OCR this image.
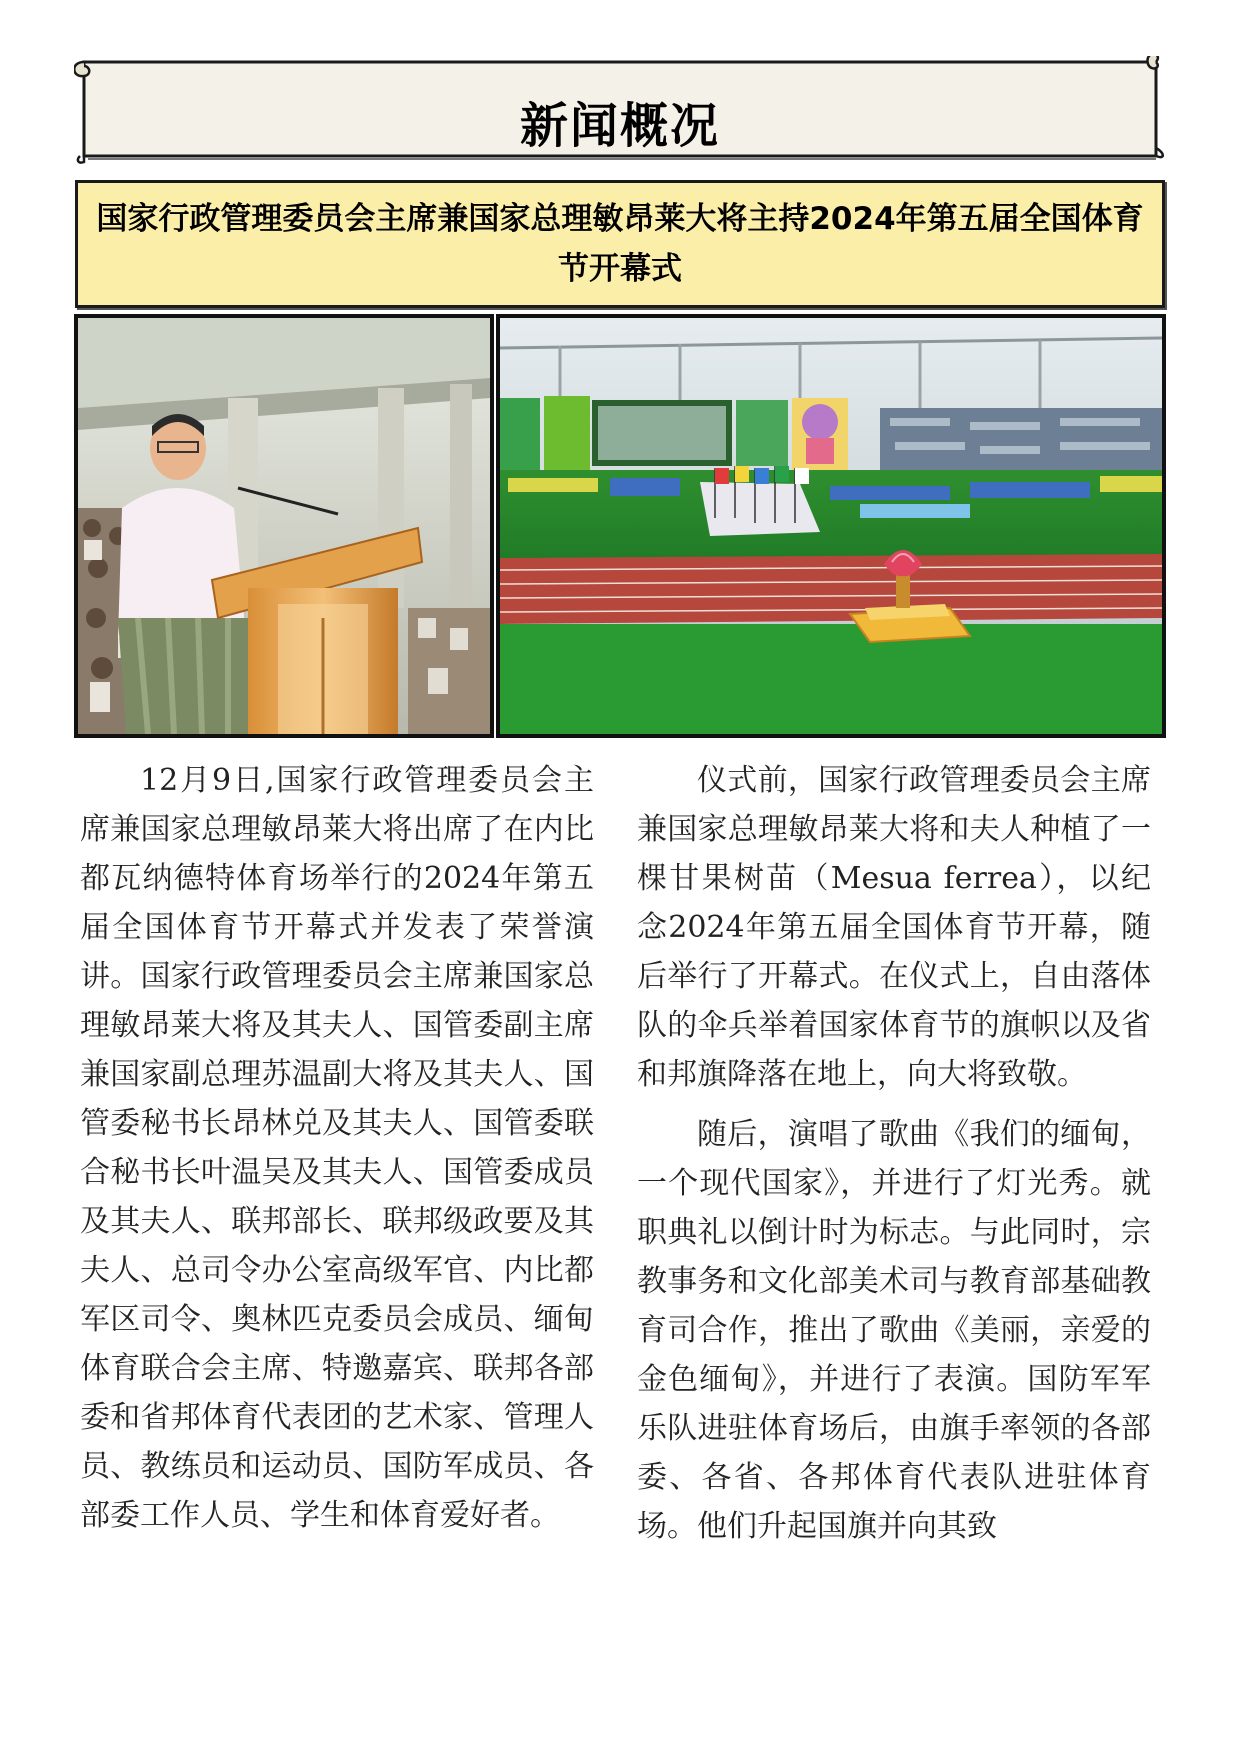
新闻概况
国家行政管理委员会主席兼国家总理敏昂莱大将主持2024年第五届全国体育节开幕式

12月9日,国家行政管理委员会主席兼国家总理敏昂莱大将出席了在内比都瓦纳德特体育场举行的2024年第五届全国体育节开幕式并发表了荣誉演讲。国家行政管理委员会主席兼国家总理敏昂莱大将及其夫人、国管委副主席兼国家副总理苏温副大将及其夫人、国管委秘书长昂林兑及其夫人、国管委联合秘书长叶温吴及其夫人、国管委成员及其夫人、联邦部长、联邦级政要及其夫人、总司令办公室高级军官、内比都军区司令、奥林匹克委员会成员、缅甸体育联合会主席、特邀嘉宾、联邦各部委和省邦体育代表团的艺术家、管理人员、教练员和运动员、国防军成员、各部委工作人员、学生和体育爱好者。

仪式前，国家行政管理委员会主席兼国家总理敏昂莱大将和夫人种植了一棵甘果树苗（Mesua ferrea），以纪念2024年第五届全国体育节开幕，随后举行了开幕式。在仪式上，自由落体队的伞兵举着国家体育节的旗帜以及省和邦旗降落在地上，向大将致敬。

随后，演唱了歌曲《我们的缅甸，一个现代国家》，并进行了灯光秀。就职典礼以倒计时为标志。与此同时，宗教事务和文化部美术司与教育部基础教育司合作，推出了歌曲《美丽，亲爱的金色缅甸》，并进行了表演。国防军军乐队进驻体育场后，由旗手率领的各部委、各省、各邦体育代表队进驻体育场。他们升起国旗并向其致
